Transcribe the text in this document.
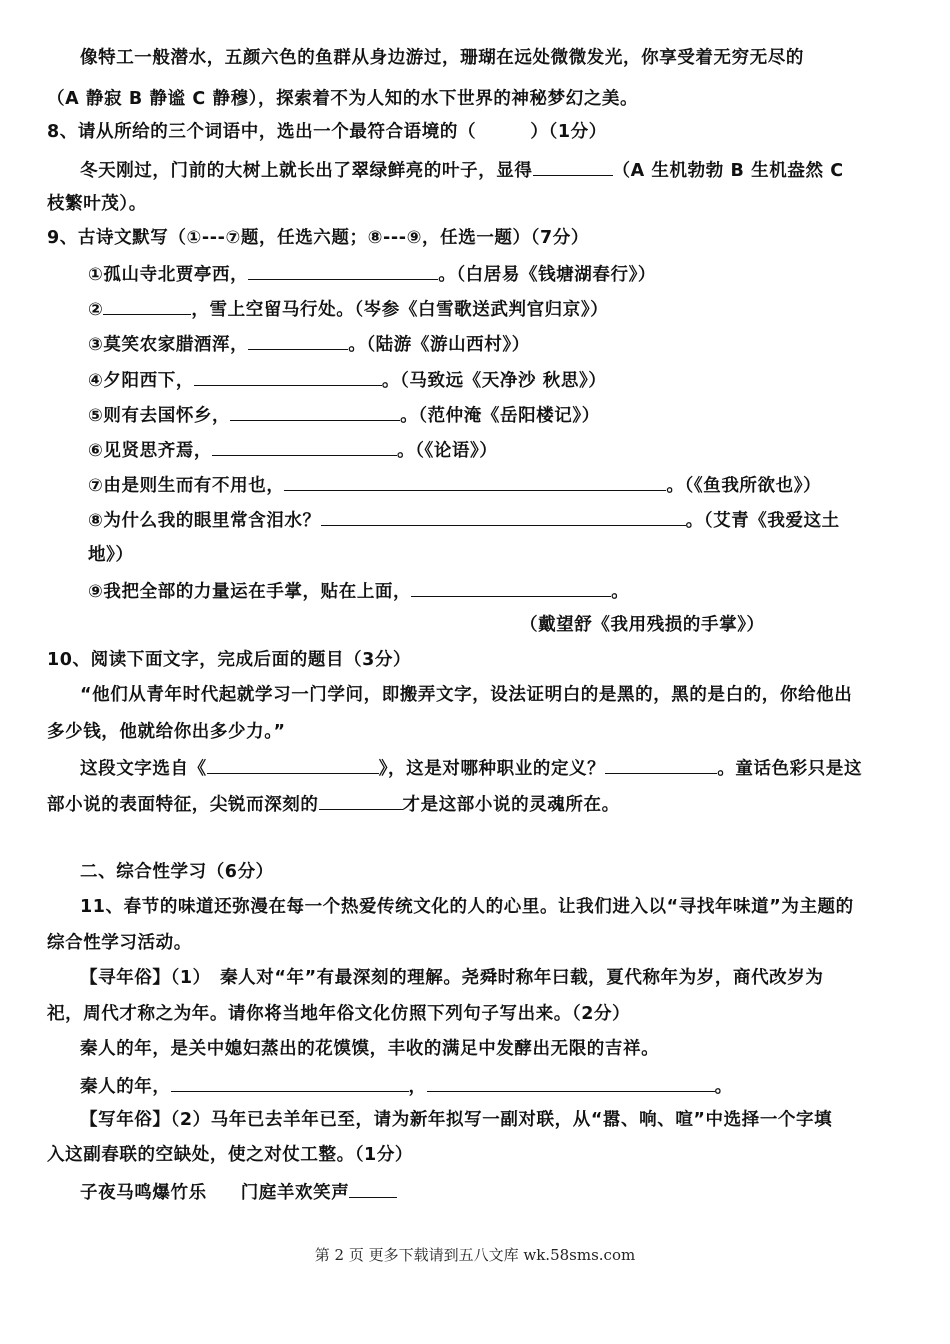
像特工一般潜水，五颜六色的鱼群从身边游过，珊瑚在远处微微发光，你享受着无穷无尽的
（A 静寂 B 静谧 C 静穆），探索着不为人知的水下世界的神秘梦幻之美。
8、请从所给的三个词语中，选出一个最符合语境的（　　　）（1分）
冬天刚过，门前的大树上就长出了翠绿鲜亮的叶子，显得	（A 生机勃勃 B 生机盎然 C
枝繁叶茂）。
9、古诗文默写（①---⑦题，任选六题；⑧---⑨，任选一题）（7分）
①孤山寺北贾亭西，	。（白居易《钱塘湖春行》）
②	，雪上空留马行处。（岑参《白雪歌送武判官归京》）
③莫笑农家腊酒浑，	。（陆游《游山西村》）
④夕阳西下，	。（马致远《天净沙 秋思》）
⑤则有去国怀乡，	。（范仲淹《岳阳楼记》）
⑥见贤思齐焉，	。（《论语》）
⑦由是则生而有不用也，	。（《鱼我所欲也》）
⑧为什么我的眼里常含泪水？	。（艾青《我爱这土
地》）
⑨我把全部的力量运在手掌，贴在上面，	。
（戴望舒《我用残损的手掌》）
10、阅读下面文字，完成后面的题目（3分）
“他们从青年时代起就学习一门学问，即搬弄文字，设法证明白的是黑的，黑的是白的，你给他出
多少钱，他就给你出多少力。”
这段文字选自《	》，这是对哪种职业的定义？	。童话色彩只是这
部小说的表面特征，尖锐而深刻的	才是这部小说的灵魂所在。
二、综合性学习（6分）
11、春节的味道还弥漫在每一个热爱传统文化的人的心里。让我们进入以“寻找年味道”为主题的
综合性学习活动。
【寻年俗】（1）　秦人对“年”有最深刻的理解。尧舜时称年曰载，夏代称年为岁，商代改岁为
祀，周代才称之为年。请你将当地年俗文化仿照下列句子写出来。（2分）
秦人的年，是关中媳妇蒸出的花馍馍，丰收的满足中发酵出无限的吉祥。
秦人的年，	，	。
【写年俗】（2）马年已去羊年已至，请为新年拟写一副对联，从“嚣、响、喧”中选择一个字填
入这副春联的空缺处，使之对仗工整。（1分）
子夜马鸣爆竹乐 门庭羊欢笑声
第 2 页 更多下载请到五八文库 wk.58sms.com
